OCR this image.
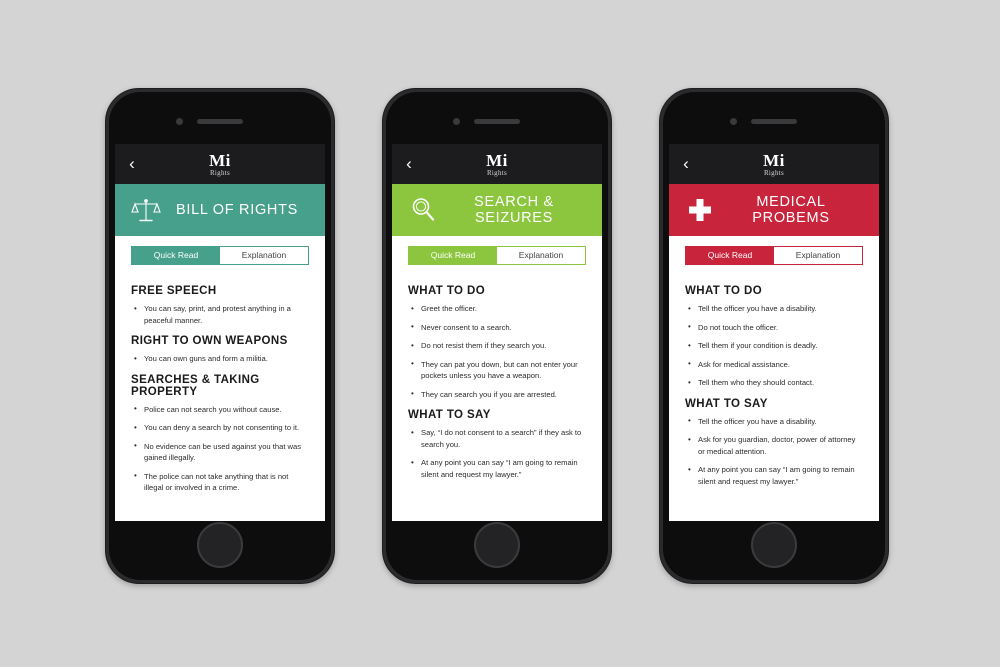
‹	Mi
Rights
BILL OF RIGHTS
Quick Read	Explanation
FREE SPEECH
• You can say, print, and protest anything in a peaceful manner.
RIGHT TO OWN WEAPONS
• You can own guns and form a militia.
SEARCHES & TAKING PROPERTY
• Police can not search you without cause.
• You can deny a search by not consenting to it.
• No evidence can be used against you that was gained illegally.
• The police can not take anything that is not illegal or involved in a crime.
‹	Mi
Rights
SEARCH & SEIZURES
Quick Read	Explanation
WHAT TO DO
• Greet the officer.
• Never consent to a search.
• Do not resist them if they search you.
• They can pat you down, but can not enter your pockets unless you have a weapon.
• They can search you if you are arrested.
WHAT TO SAY
• Say, “I do not consent to a search” if they ask to search you.
• At any point you can say “I am going to remain silent and request my lawyer.”
‹	Mi
Rights
MEDICAL PROBEMS
Quick Read	Explanation
WHAT TO DO
• Tell the officer you have a disability.
• Do not touch the officer.
• Tell them if your condition is deadly.
• Ask for medical assistance.
• Tell them who they should contact.
WHAT TO SAY
• Tell the officer you have a disability.
• Ask for you guardian, doctor, power of attorney or medical attention.
• At any point you can say “I am going to remain silent and request my lawyer.”
